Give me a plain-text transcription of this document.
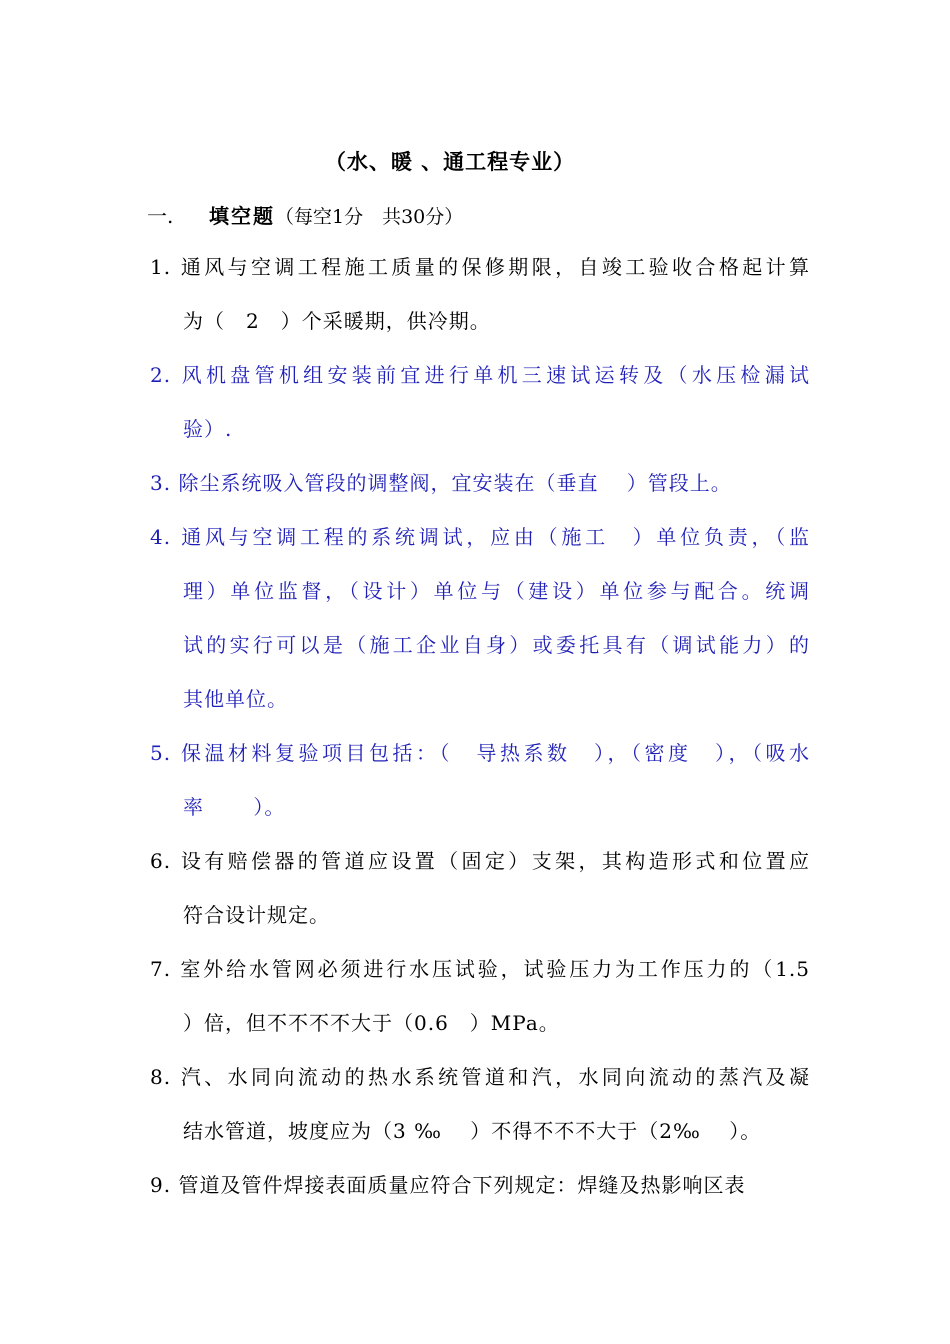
（水、暖 、通工程专业）
一. 填空题（每空1分　共30分）
1. 通风与空调工程施工质量的保修期限，自竣工验收合格起计算
为（　2　）个采暖期，供冷期。
2. 风机盘管机组安装前宜进行单机三速试运转及（水压检漏试
验）.
3. 除尘系统吸入管段的调整阀，宜安装在（垂直　 ）管段上。
4. 通风与空调工程的系统调试，应由（施工　）单位负责，（监
理）单位监督，（设计）单位与（建设）单位参与配合。统调
试的实行可以是（施工企业自身）或委托具有（调试能力）的
其他单位。
5. 保温材料复验项目包括：（　导热系数　），（密度　），（吸水
率　　 ）。
6. 设有赔偿器的管道应设置（固定）支架，其构造形式和位置应
符合设计规定。
7. 室外给水管网必须进行水压试验，试验压力为工作压力的（1.5
）倍，但不不不不大于（0.6　）MPa。
8. 汽、水同向流动的热水系统管道和汽，水同向流动的蒸汽及凝
结水管道，坡度应为（3 ‰　 ）不得不不不大于（2‰　 ）。
9. 管道及管件焊接表面质量应符合下列规定：焊缝及热影响区表
